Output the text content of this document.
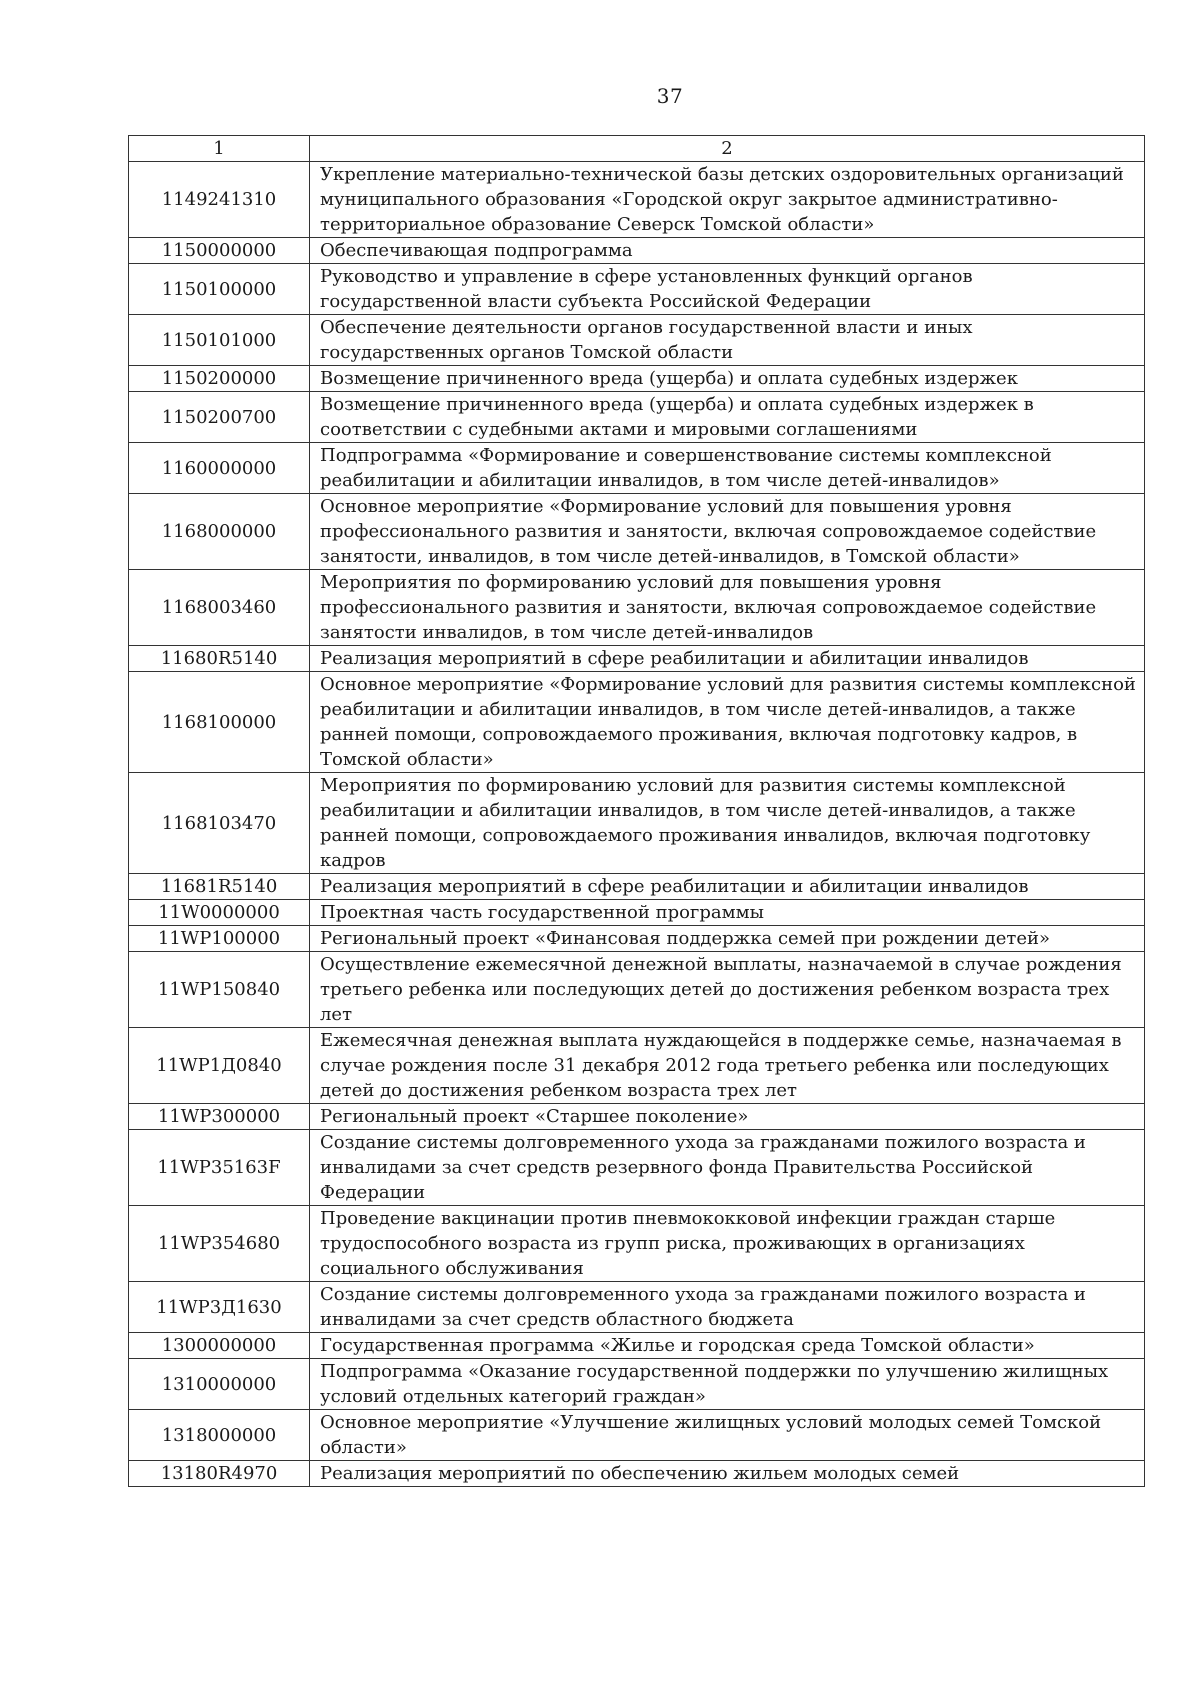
37
1	2
1149241310	Укрепление материально-технической базы детских оздоровительных организаций муниципального образования «Городской округ закрытое административно-территориальное образование Северск Томской области»
1150000000	Обеспечивающая подпрограмма
1150100000	Руководство и управление в сфере установленных функций органов государственной власти субъекта Российской Федерации
1150101000	Обеспечение деятельности органов государственной власти и иных государственных органов Томской области
1150200000	Возмещение причиненного вреда (ущерба) и оплата судебных издержек
1150200700	Возмещение причиненного вреда (ущерба) и оплата судебных издержек в соответствии с судебными актами и мировыми соглашениями
1160000000	Подпрограмма «Формирование и совершенствование системы комплексной реабилитации и абилитации инвалидов, в том числе детей-инвалидов»
1168000000	Основное мероприятие «Формирование условий для повышения уровня профессионального развития и занятости, включая сопровождаемое содействие занятости, инвалидов, в том числе детей-инвалидов, в Томской области»
1168003460	Мероприятия по формированию условий для повышения уровня профессионального развития и занятости, включая сопровождаемое содействие занятости инвалидов, в том числе детей-инвалидов
11680R5140	Реализация мероприятий в сфере реабилитации и абилитации инвалидов
1168100000	Основное мероприятие «Формирование условий для развития системы комплексной реабилитации и абилитации инвалидов, в том числе детей-инвалидов, а также ранней помощи, сопровождаемого проживания, включая подготовку кадров, в Томской области»
1168103470	Мероприятия по формированию условий для развития системы комплексной реабилитации и абилитации инвалидов, в том числе детей-инвалидов, а также ранней помощи, сопровождаемого проживания инвалидов, включая подготовку кадров
11681R5140	Реализация мероприятий в сфере реабилитации и абилитации инвалидов
11W0000000	Проектная часть государственной программы
11WP100000	Региональный проект «Финансовая поддержка семей при рождении детей»
11WP150840	Осуществление ежемесячной денежной выплаты, назначаемой в случае рождения третьего ребенка или последующих детей до достижения ребенком возраста трех лет
11WP1Д0840	Ежемесячная денежная выплата нуждающейся в поддержке семье, назначаемая в случае рождения после 31 декабря 2012 года третьего ребенка или последующих детей до достижения ребенком возраста трех лет
11WP300000	Региональный проект «Старшее поколение»
11WP35163F	Создание системы долговременного ухода за гражданами пожилого возраста и инвалидами за счет средств резервного фонда Правительства Российской Федерации
11WP354680	Проведение вакцинации против пневмококковой инфекции граждан старше трудоспособного возраста из групп риска, проживающих в организациях социального обслуживания
11WP3Д1630	Создание системы долговременного ухода за гражданами пожилого возраста и инвалидами за счет средств областного бюджета
1300000000	Государственная программа «Жилье и городская среда Томской области»
1310000000	Подпрограмма «Оказание государственной поддержки по улучшению жилищных условий отдельных категорий граждан»
1318000000	Основное мероприятие «Улучшение жилищных условий молодых семей Томской области»
13180R4970	Реализация мероприятий по обеспечению жильем молодых семей
